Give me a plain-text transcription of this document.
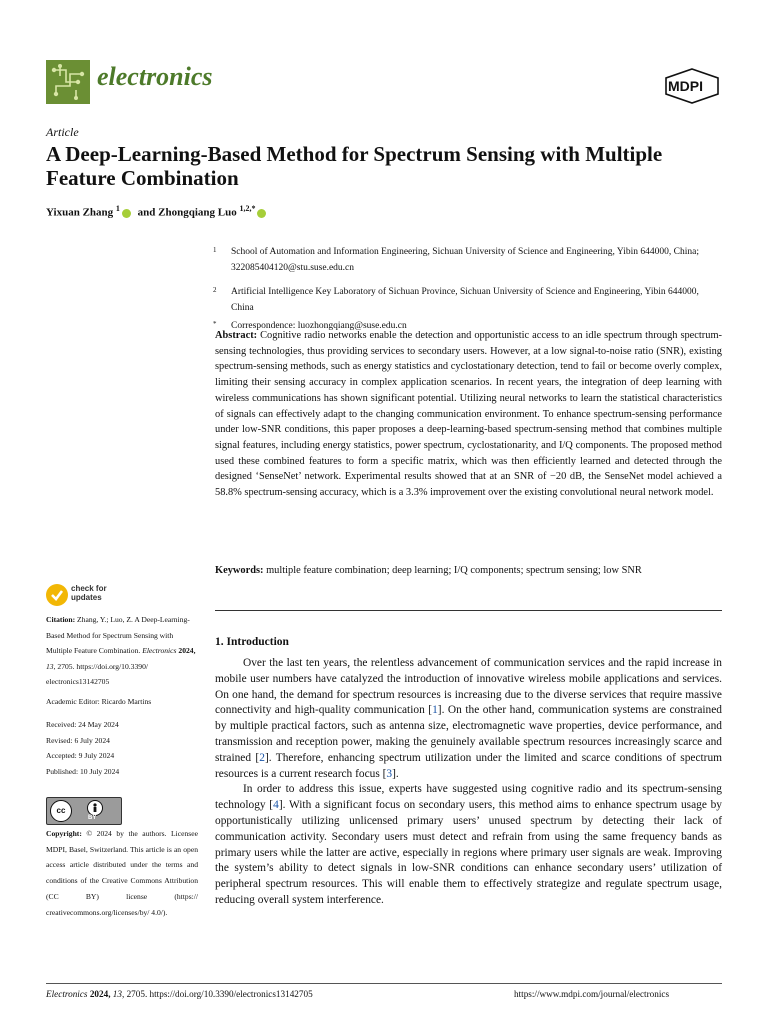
electronics	MDPI
Article
A Deep-Learning-Based Method for Spectrum Sensing with Multiple Feature Combination
Yixuan Zhang $^1$ and Zhongqiang Luo $^{1,2,*}$
1 School of Automation and Information Engineering, Sichuan University of Science and Engineering, Yibin 644000, China; 322085404120@stu.suse.edu.cn
2 Artificial Intelligence Key Laboratory of Sichuan Province, Sichuan University of Science and Engineering, Yibin 644000, China
* Correspondence: luozhongqiang@suse.edu.cn
Abstract: Cognitive radio networks enable the detection and opportunistic access to an idle spectrum through spectrum-sensing technologies, thus providing services to secondary users. However, at a low signal-to-noise ratio (SNR), existing spectrum-sensing methods, such as energy statistics and cyclostationary detection, tend to fail or become overly complex, limiting their sensing accuracy in complex application scenarios. In recent years, the integration of deep learning with wireless communications has shown significant potential. Utilizing neural networks to learn the statistical characteristics of signals can effectively adapt to the changing communication environment. To enhance spectrum-sensing performance under low-SNR conditions, this paper proposes a deep-learning-based spectrum-sensing method that combines multiple signal features, including energy statistics, power spectrum, cyclostationarity, and I/Q components. The proposed method used these combined features to form a specific matrix, which was then efficiently learned and detected through the designed ‘SenseNet’ network. Experimental results showed that at an SNR of −20 dB, the SenseNet model achieved a 58.8% spectrum-sensing accuracy, which is a 3.3% improvement over the existing convolutional neural network model.
Keywords: multiple feature combination; deep learning; I/Q components; spectrum sensing; low SNR
check for
updates

Citation: Zhang, Y.; Luo, Z. A Deep-Learning-Based Method for Spectrum Sensing with Multiple Feature Combination. Electronics 2024, 13, 2705. https://doi.org/10.3390/ electronics13142705

Academic Editor: Ricardo Martins

Received: 24 May 2024
Revised: 6 July 2024
Accepted: 9 July 2024
Published: 10 July 2024
cc
BY
Copyright: © 2024 by the authors. Licensee MDPI, Basel, Switzerland. This article is an open access article distributed under the terms and conditions of the Creative Commons Attribution (CC BY) license (https:// creativecommons.org/licenses/by/ 4.0/).
1. Introduction

Over the last ten years, the relentless advancement of communication services and the rapid increase in mobile user numbers have catalyzed the introduction of innovative wireless mobile applications and services. On one hand, the demand for spectrum resources is increasing due to the diverse services that require massive connectivity and high-quality communication [1]. On the other hand, communication systems are constrained by multiple practical factors, such as antenna size, electromagnetic wave properties, device performance, and transmission and reception power, making the genuinely available spectrum resources increasingly scarce and strained [2]. Therefore, enhancing spectrum utilization under the limited and scarce conditions of spectrum resources is a current research focus [3].

In order to address this issue, experts have suggested using cognitive radio and its spectrum-sensing technology [4]. With a significant focus on secondary users, this method aims to enhance spectrum usage by opportunistically utilizing unlicensed primary users’ unused spectrum by detecting their lack of communication activity. Secondary users must detect and refrain from using the same frequency bands as primary users while the latter are active, especially in regions where primary user signals are weak. Improving the system’s ability to detect signals in low-SNR conditions can enhance secondary users’ utilization of peripheral spectrum resources. This will enable them to effectively strategize and regulate spectrum usage, reducing overall system interference.

Electronics 2024, 13, 2705. https://doi.org/10.3390/electronics13142705	https://www.mdpi.com/journal/electronics
